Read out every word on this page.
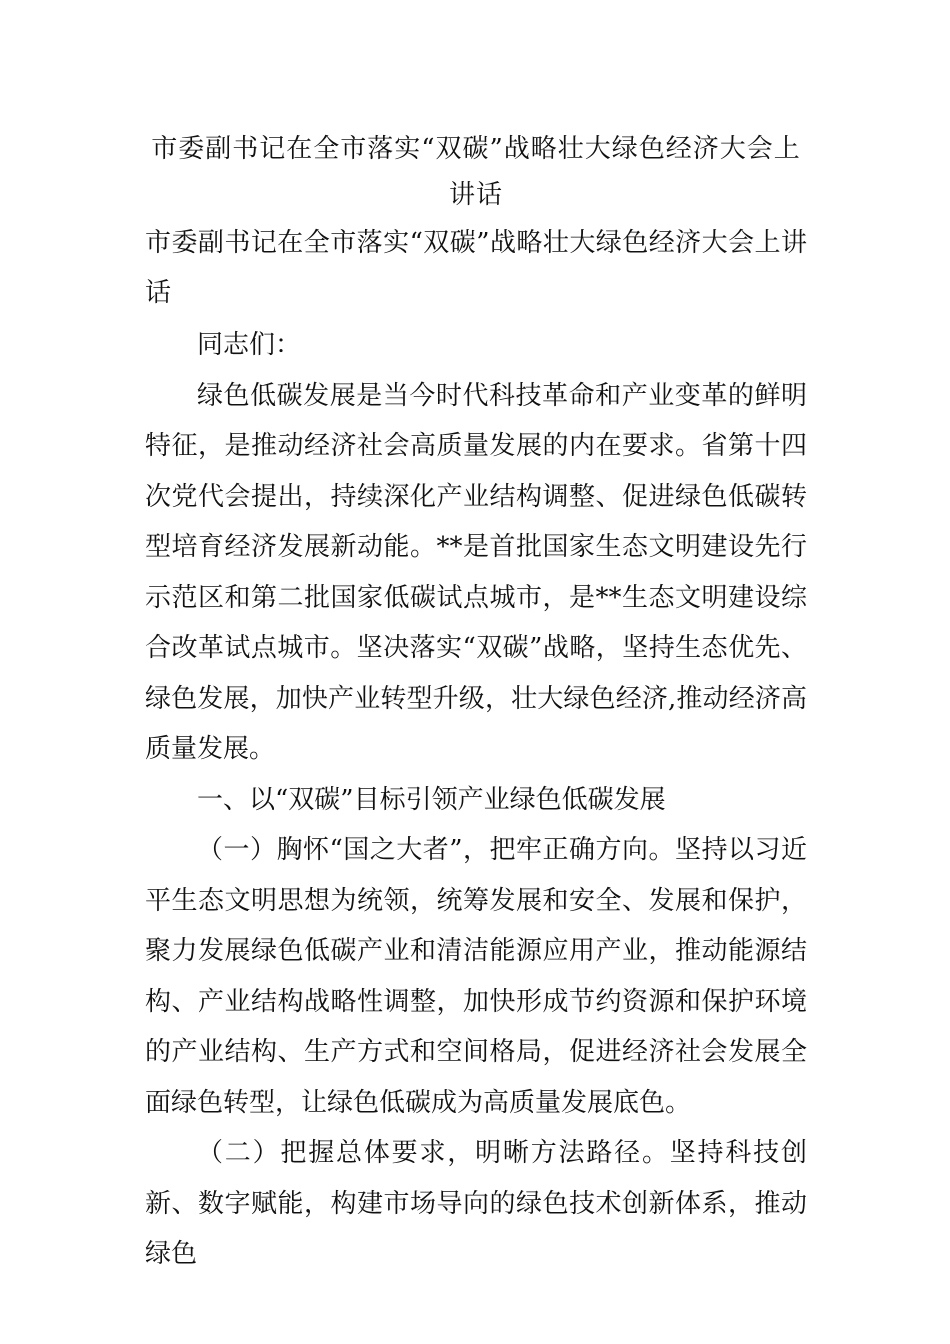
市委副书记在全市落实“双碳”战略壮大绿色经济大会上
讲话

市委副书记在全市落实“双碳”战略壮大绿色经济大会上讲话

同志们：

绿色低碳发展是当今时代科技革命和产业变革的鲜明特征，是推动经济社会高质量发展的内在要求。省第十四次党代会提出，持续深化产业结构调整、促进绿色低碳转型培育经济发展新动能。**是首批国家生态文明建设先行示范区和第二批国家低碳试点城市，是**生态文明建设综合改革试点城市。坚决落实“双碳”战略，坚持生态优先、绿色发展，加快产业转型升级，壮大绿色经济,推动经济高质量发展。

一、以“双碳”目标引领产业绿色低碳发展

（一）胸怀“国之大者”，把牢正确方向。坚持以习近平生态文明思想为统领，统筹发展和安全、发展和保护，聚力发展绿色低碳产业和清洁能源应用产业，推动能源结构、产业结构战略性调整，加快形成节约资源和保护环境的产业结构、生产方式和空间格局，促进经济社会发展全面绿色转型，让绿色低碳成为高质量发展底色。

（二）把握总体要求，明晰方法路径。坚持科技创新、数字赋能，构建市场导向的绿色技术创新体系，推动绿色
